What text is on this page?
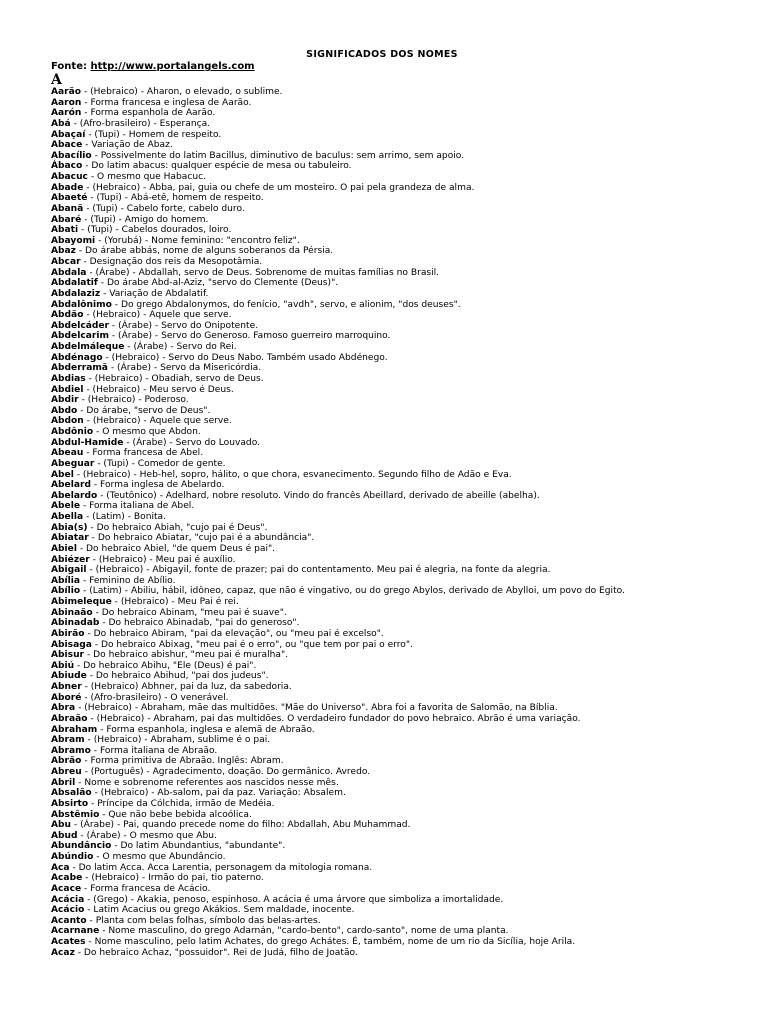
SIGNIFICADOS DOS NOMES
Fonte: http://www.portalangels.com
A
Aarão - (Hebraico) - Aharon, o elevado, o sublime.
Aaron - Forma francesa e inglesa de Aarão.
Aarón - Forma espanhola de Aarão.
Abá - (Afro-brasileiro) - Esperança.
Abaçaí - (Tupi) - Homem de respeito.
Abace - Variação de Abaz.
Abacílio - Possivelmente do latim Bacillus, diminutivo de baculus: sem arrimo, sem apoio.
Ábaco - Do latim abacus: qualquer espécie de mesa ou tabuleiro.
Abacuc - O mesmo que Habacuc.
Abade - (Hebraico) - Abba, pai, guia ou chefe de um mosteiro. O pai pela grandeza de alma.
Abaeté - (Tupi) - Abá-etê, homem de respeito.
Abanã - (Tupi) - Cabelo forte, cabelo duro.
Abaré - (Tupi) - Amigo do homem.
Abati - (Tupi) - Cabelos dourados, loiro.
Abayomi - (Yorubá) - Nome feminino: "encontro feliz".
Abaz - Do árabe abbás, nome de alguns soberanos da Pérsia.
Abcar - Designação dos reis da Mesopotâmia.
Abdala - (Árabe) - Abdallah, servo de Deus. Sobrenome de muitas famílias no Brasil.
Abdalatif - Do árabe Abd-al-Aziz, "servo do Clemente (Deus)".
Abdalaziz - Variação de Abdalatif.
Abdalônimo - Do grego Abdalonymos, do fenício, "avdh", servo, e alionim, "dos deuses".
Abdão - (Hebraico) - Aquele que serve.
Abdelcáder - (Árabe) - Servo do Onipotente.
Abdelcarim - (Árabe) - Servo do Generoso. Famoso guerreiro marroquino.
Abdelmáleque - (Árabe) - Servo do Rei.
Abdénago - (Hebraico) - Servo do Deus Nabo. Também usado Abdénego.
Abderramã - (Árabe) - Servo da Misericórdia.
Abdias - (Hebraico) - Obadiah, servo de Deus.
Abdiel - (Hebraico) - Meu servo é Deus.
Abdir - (Hebraico) - Poderoso.
Abdo - Do árabe, "servo de Deus".
Abdon - (Hebraico) - Aquele que serve.
Abdônio - O mesmo que Abdon.
Abdul-Hamide - (Árabe) - Servo do Louvado.
Abeau - Forma francesa de Abel.
Abeguar - (Tupi) - Comedor de gente.
Abel - (Hebraico) - Heb-hel, sopro, hálito, o que chora, esvanecimento. Segundo filho de Adão e Eva.
Abelard - Forma inglesa de Abelardo.
Abelardo - (Teutônico) - Adelhard, nobre resoluto. Vindo do francês Abeillard, derivado de abeille (abelha).
Abele - Forma italiana de Abel.
Abella - (Latim) - Bonita.
Abia(s) - Do hebraico Abiah, "cujo pai é Deus".
Abiatar - Do hebraico Abiatar, "cujo pai é a abundância".
Abiel - Do hebraico Abiel, "de quem Deus é pai".
Abiézer - (Hebraico) - Meu pai é auxílio.
Abigail - (Hebraico) - Abigayil, fonte de prazer; pai do contentamento. Meu pai é alegria, na fonte da alegria.
Abília - Feminino de Abílio.
Abílio - (Latim) - Abiliu, hábil, idôneo, capaz, que não é vingativo, ou do grego Abylos, derivado de Abylloi, um povo do Egito.
Abimeleque - (Hebraico) - Meu Pai é rei.
Abinaão - Do hebraico Abinam, "meu pai é suave".
Abinadab - Do hebraico Abinadab, "pai do generoso".
Abirão - Do hebraico Abiram, "pai da elevação", ou "meu pai é excelso".
Abisaga - Do hebraico Abixag, "meu pai é o erro", ou "que tem por pai o erro".
Abisur - Do hebraico abishur, "meu pai é muralha".
Abiú - Do hebraico Abihu, "Ele (Deus) é pai".
Abiude - Do hebraico Abihud, "pai dos judeus".
Abner - (Hebraico) Abhner, pai da luz, da sabedoria.
Aboré - (Afro-brasileiro) - O venerável.
Abra - (Hebraico) - Abraham, mãe das multidões. "Mãe do Universo". Abra foi a favorita de Salomão, na Bíblia.
Abraão - (Hebraico) - Abraham, pai das multidões. O verdadeiro fundador do povo hebraico. Abrão é uma variação.
Abraham - Forma espanhola, inglesa e alemã de Abraão.
Abram - (Hebraico) - Abraham, sublime é o pai.
Abramo - Forma italiana de Abraão.
Abrão - Forma primitiva de Abraão. Inglês: Abram.
Abreu - (Português) - Agradecimento, doação. Do germânico. Avredo.
Abril - Nome e sobrenome referentes aos nascidos nesse mês.
Absalão - (Hebraico) - Ab-salom, pai da paz. Variação: Absalem.
Absirto - Príncipe da Cólchida, irmão de Medéia.
Abstêmio - Que não bebe bebida alcoólica.
Abu - (Árabe) - Pai, quando precede nome do filho: Abdallah, Abu Muhammad.
Abud - (Árabe) - O mesmo que Abu.
Abundâncio - Do latim Abundantius, "abundante".
Abúndio - O mesmo que Abundâncio.
Aca - Do latim Acca. Acca Larentia, personagem da mitologia romana.
Acabe - (Hebraico) - Irmão do pai, tio paterno.
Acace - Forma francesa de Acácio.
Acácia - (Grego) - Akakia, penoso, espinhoso. A acácia é uma árvore que simboliza a imortalidade.
Acácio - Latim Acacius ou grego Akákios. Sem maldade, inocente.
Acanto - Planta com belas folhas, símbolo das belas-artes.
Acarnane - Nome masculino, do grego Adarnán, "cardo-bento", cardo-santo", nome de uma planta.
Acates - Nome masculino, pelo latim Achates, do grego Achátes. É, também, nome de um rio da Sicília, hoje Arila.
Acaz - Do hebraico Achaz, "possuidor". Rei de Judá, filho de Joatão.
